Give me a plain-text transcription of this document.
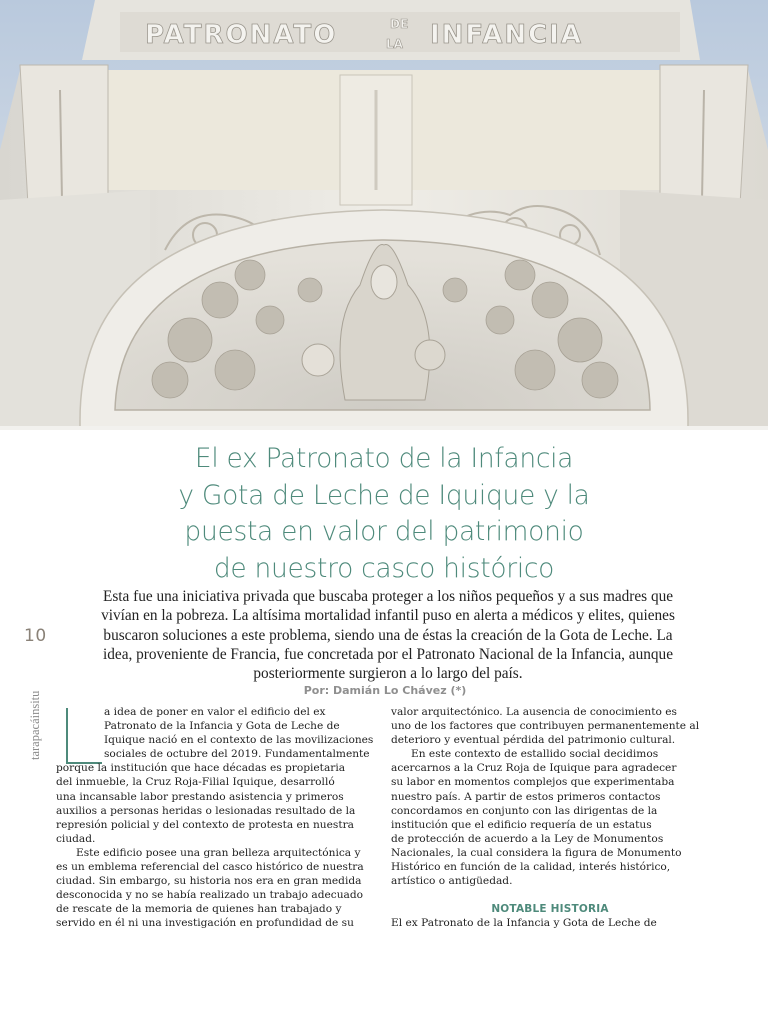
PATRONATO	DE
LA INFANCIA
El ex Patronato de la Infancia
y Gota de Leche de Iquique y la
puesta en valor del patrimonio
de nuestro casco histórico

Esta fue una iniciativa privada que buscaba proteger a los niños pequeños y a sus madres que
vivían en la pobreza. La altísima mortalidad infantil puso en alerta a médicos y elites, quienes
buscaron soluciones a este problema, siendo una de éstas la creación de la Gota de Leche. La
idea, proveniente de Francia, fue concretada por el Patronato Nacional de la Infancia, aunque
posteriormente surgieron a lo largo del país.

Por: Damián Lo Chávez (*)
10
tarapacáinsitu	a idea de poner en valor el edificio del ex
Patronato de la Infancia y Gota de Leche de
Iquique nació en el contexto de las movilizaciones
sociales de octubre del 2019. Fundamentalmente
porque la institución que hace décadas es propietaria
del inmueble, la Cruz Roja-Filial Iquique, desarrolló
una incansable labor prestando asistencia y primeros
auxilios a personas heridas o lesionadas resultado de la
represión policial y del contexto de protesta en nuestra
ciudad.
Este edificio posee una gran belleza arquitectónica y
es un emblema referencial del casco histórico de nuestra
ciudad. Sin embargo, su historia nos era en gran medida
desconocida y no se había realizado un trabajo adecuado
de rescate de la memoria de quienes han trabajado y
servido en él ni una investigación en profundidad de su
valor arquitectónico. La ausencia de conocimiento es
uno de los factores que contribuyen permanentemente al
deterioro y eventual pérdida del patrimonio cultural.
En este contexto de estallido social decidimos
acercarnos a la Cruz Roja de Iquique para agradecer
su labor en momentos complejos que experimentaba
nuestro país. A partir de estos primeros contactos
concordamos en conjunto con las dirigentas de la
institución que el edificio requería de un estatus
de protección de acuerdo a la Ley de Monumentos
Nacionales, la cual considera la figura de Monumento
Histórico en función de la calidad, interés histórico,
artístico o antigüedad.
NOTABLE HISTORIA
El ex Patronato de la Infancia y Gota de Leche de
